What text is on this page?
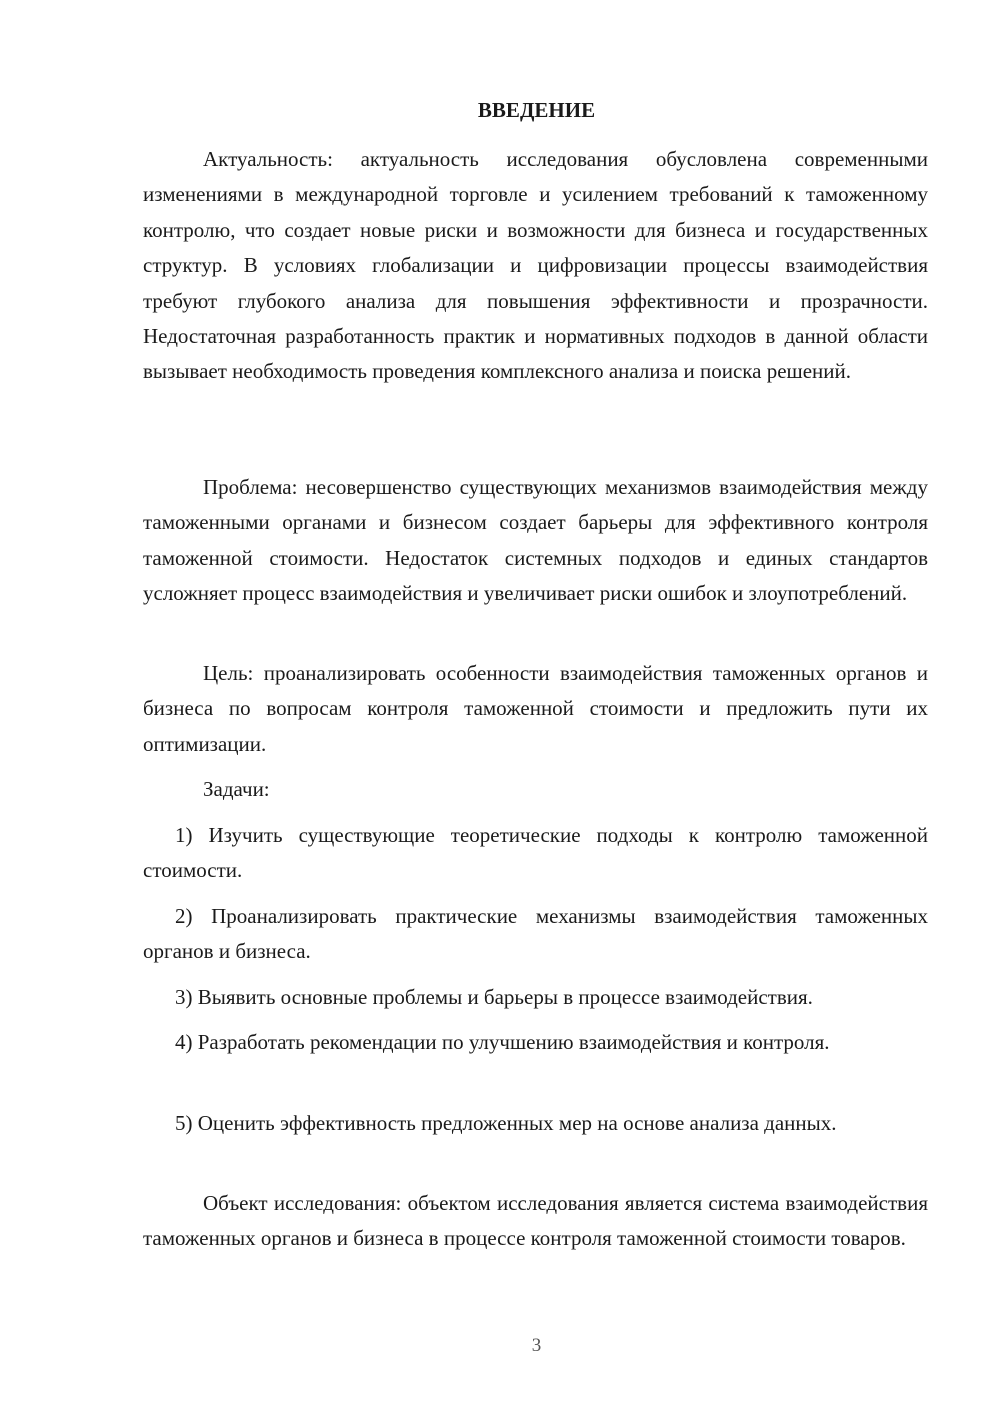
ВВЕДЕНИЕ

Актуальность: актуальность исследования обусловлена современными изменениями в международной торговле и усилением требований к таможенному контролю, что создает новые риски и возможности для бизнеса и государственных структур. В условиях глобализации и цифровизации процессы взаимодействия требуют глубокого анализа для повышения эффективности и прозрачности. Недостаточная разработанность практик и нормативных подходов в данной области вызывает необходимость проведения комплексного анализа и поиска решений.

Проблема: несовершенство существующих механизмов взаимодействия между таможенными органами и бизнесом создает барьеры для эффективного контроля таможенной стоимости. Недостаток системных подходов и единых стандартов усложняет процесс взаимодействия и увеличивает риски ошибок и злоупотреблений.

Цель: проанализировать особенности взаимодействия таможенных органов и бизнеса по вопросам контроля таможенной стоимости и предложить пути их оптимизации.

Задачи:

1) Изучить существующие теоретические подходы к контролю таможенной стоимости.

2) Проанализировать практические механизмы взаимодействия таможенных органов и бизнеса.

3) Выявить основные проблемы и барьеры в процессе взаимодействия.

4) Разработать рекомендации по улучшению взаимодействия и контроля.

5) Оценить эффективность предложенных мер на основе анализа данных.

Объект исследования: объектом исследования является система взаимодействия таможенных органов и бизнеса в процессе контроля таможенной стоимости товаров.

3
